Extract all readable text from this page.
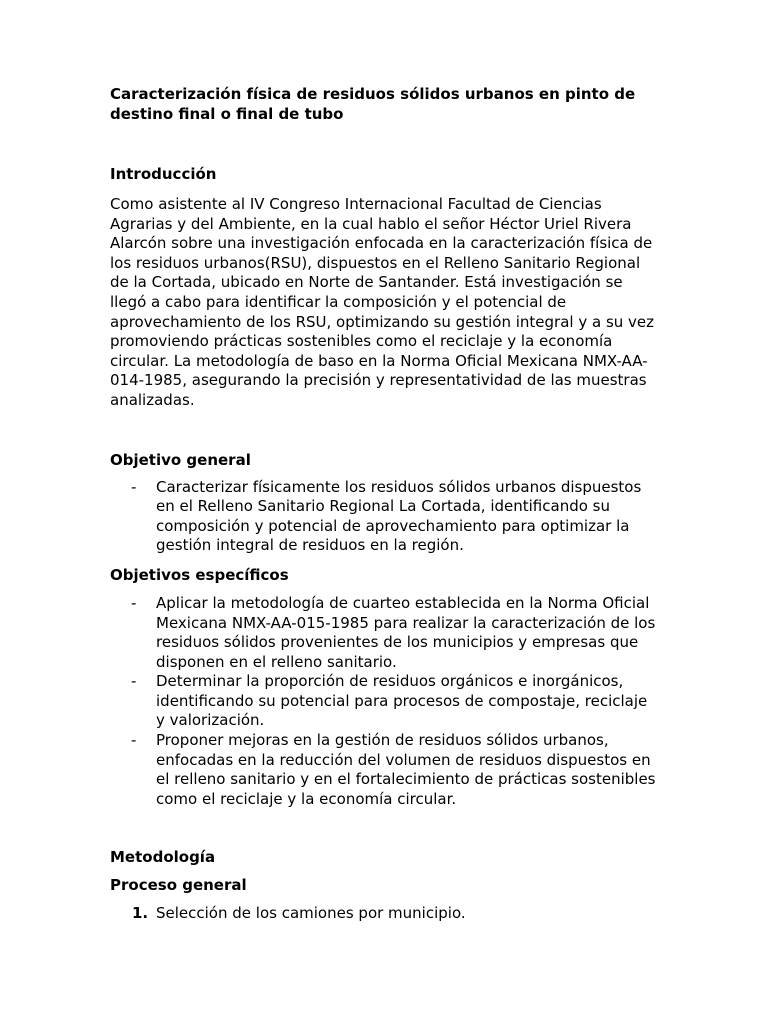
Caracterización física de residuos sólidos urbanos en pinto de destino final o final de tubo
Introducción

Como asistente al IV Congreso Internacional Facultad de Ciencias Agrarias y del Ambiente, en la cual hablo el señor Héctor Uriel Rivera Alarcón sobre una investigación enfocada en la caracterización física de los residuos urbanos(RSU), dispuestos en el Relleno Sanitario Regional de la Cortada, ubicado en Norte de Santander. Está investigación se llegó a cabo para identificar la composición y el potencial de aprovechamiento de los RSU, optimizando su gestión integral y a su vez promoviendo prácticas sostenibles como el reciclaje y la economía circular. La metodología de baso en la Norma Oficial Mexicana NMX-AA-014-1985, asegurando la precisión y representatividad de las muestras analizadas.

Objetivo general
- Caracterizar físicamente los residuos sólidos urbanos dispuestos en el Relleno Sanitario Regional La Cortada, identificando su composición y potencial de aprovechamiento para optimizar la gestión integral de residuos en la región.
Objetivos específicos
- Aplicar la metodología de cuarteo establecida en la Norma Oficial Mexicana NMX-AA-015-1985 para realizar la caracterización de los residuos sólidos provenientes de los municipios y empresas que disponen en el relleno sanitario.
- Determinar la proporción de residuos orgánicos e inorgánicos, identificando su potencial para procesos de compostaje, reciclaje y valorización.
- Proponer mejoras en la gestión de residuos sólidos urbanos, enfocadas en la reducción del volumen de residuos dispuestos en el relleno sanitario y en el fortalecimiento de prácticas sostenibles como el reciclaje y la economía circular.
Metodología
Proceso general
1. Selección de los camiones por municipio.
